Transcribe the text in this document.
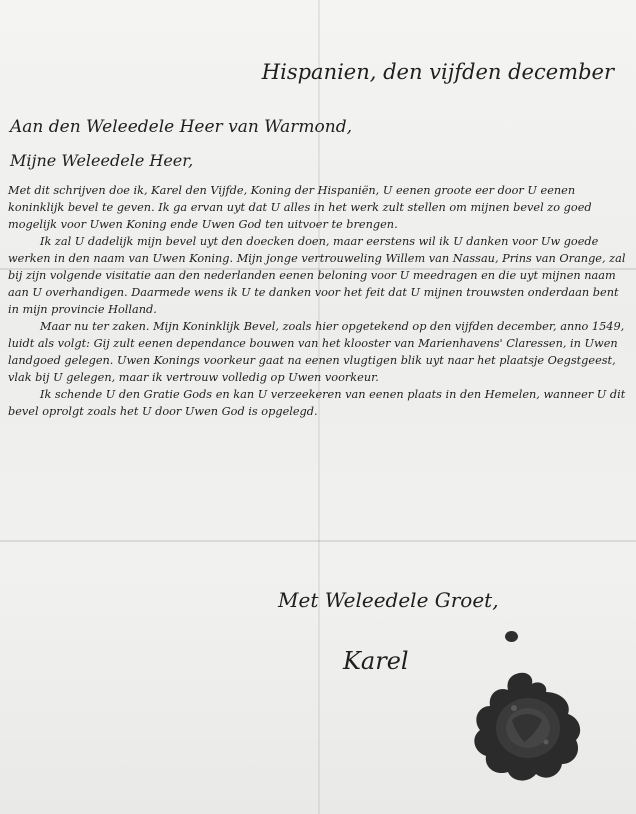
Hispanien, den vijfden december
Aan den Weleedele Heer van Warmond,
Mijne Weleedele Heer,

Met dit schrijven doe ik, Karel den Vijfde, Koning der Hispaniën, U eenen groote eer door U eenen koninklijk bevel te geven. Ik ga ervan uyt dat U alles in het werk zult stellen om mijnen bevel zo goed mogelijk voor Uwen Koning ende Uwen God ten uitvoer te brengen.

Ik zal U dadelijk mijn bevel uyt den doecken doen, maar eerstens wil ik U danken voor Uw goede werken in den naam van Uwen Koning. Mijn jonge vertrouweling Willem van Nassau, Prins van Orange, zal bij zijn volgende visitatie aan den nederlanden eenen beloning voor U meedragen en die uyt mijnen naam aan U overhandigen. Daarmede wens ik U te danken voor het feit dat U mijnen trouwsten onderdaan bent in mijn provincie Holland.

Maar nu ter zaken. Mijn Koninklijk Bevel, zoals hier opgetekend op den vijfden december, anno 1549, luidt als volgt: Gij zult eenen dependance bouwen van het klooster van Marienhavens' Claressen, in Uwen landgoed gelegen. Uwen Konings voorkeur gaat na eenen vlugtigen blik uyt naar het plaatsje Oegstgeest, vlak bij U gelegen, maar ik vertrouw volledig op Uwen voorkeur.

Ik schende U den Gratie Gods en kan U verzeekeren van eenen plaats in den Hemelen, wanneer U dit bevel oprolgt zoals het U door Uwen God is opgelegd.

Met Weleedele Groet,
Karel
